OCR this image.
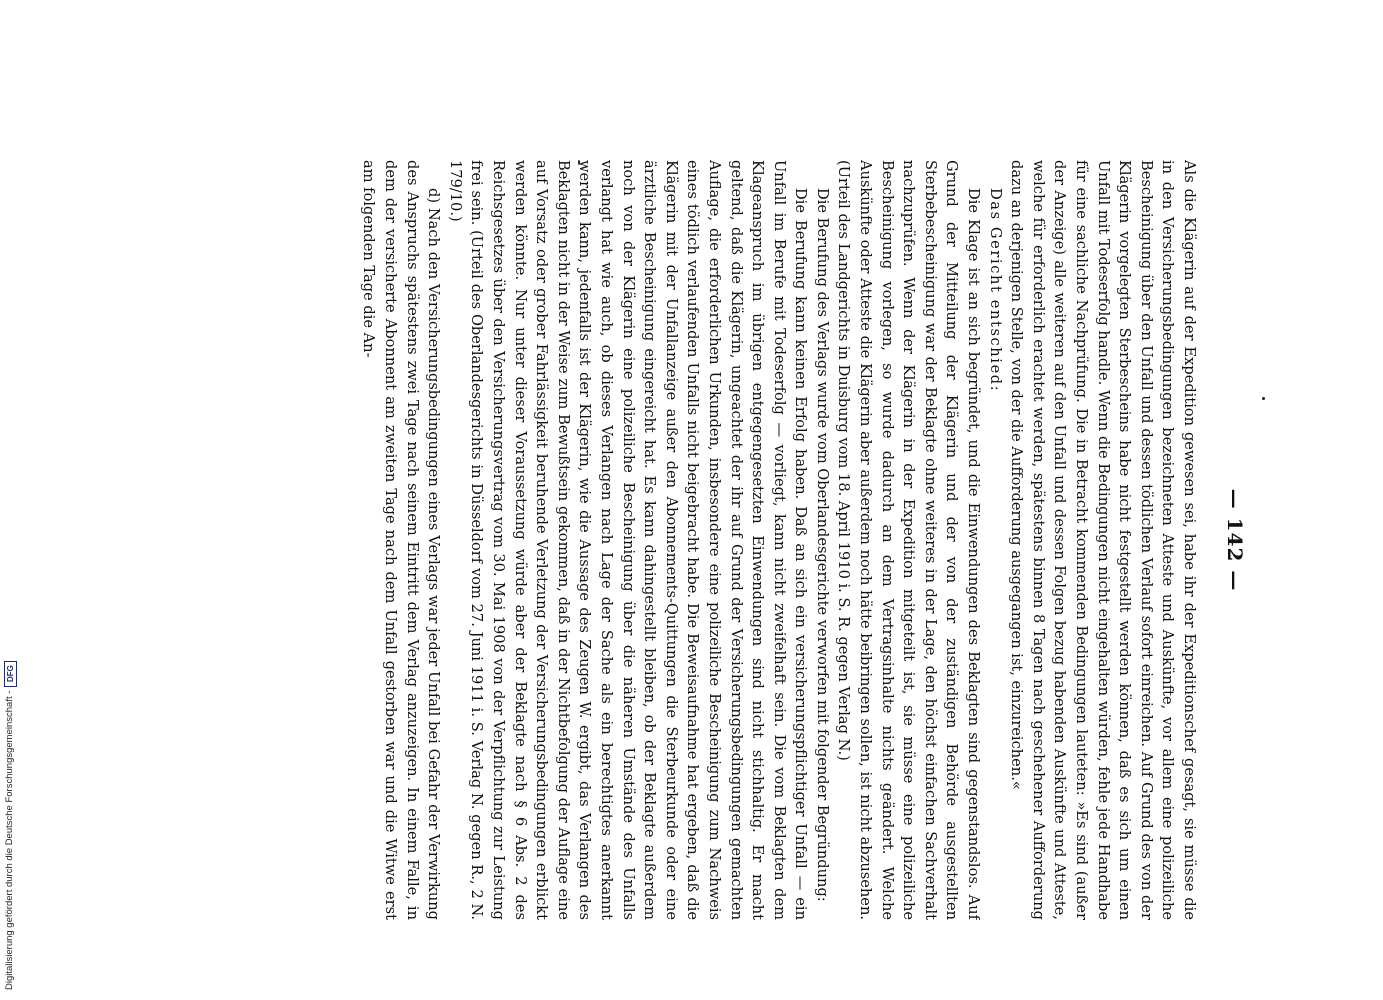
— 142 —

Als die Klägerin auf der Expedition gewesen sei, habe ihr der Expeditionschef gesagt, sie müsse die in den Versicherungsbedingungen bezeichneten Atteste und Auskünfte, vor allem eine polizeiliche Bescheinigung über den Unfall und dessen tödlichen Verlauf sofort einreichen. Auf Grund des von der Klägerin vorgelegten Sterbescheins habe nicht festgestellt werden können, daß es sich um einen Unfall mit Todeserfolg handle. Wenn die Bedingungen nicht eingehalten würden, fehle jede Handhabe für eine sachliche Nachprüfung. Die in Betracht kommenden Bedingungen lauteten: »Es sind (außer der Anzeige) alle weiteren auf den Unfall und dessen Folgen bezug habenden Auskünfte und Atteste, welche für erforderlich erachtet werden, spätestens binnen 8 Tagen nach geschehener Aufforderung dazu an derjenigen Stelle, von der die Aufforderung ausgegangen ist, einzureichen.«

Das Gericht entschied:

Die Klage ist an sich begründet, und die Einwendungen des Beklagten sind gegenstandslos. Auf Grund der Mitteilung der Klägerin und der von der zuständigen Behörde ausgestellten Sterbebescheinigung war der Beklagte ohne weiteres in der Lage, den höchst einfachen Sachverhalt nachzuprüfen. Wenn der Klägerin in der Expedition mitgeteilt ist, sie müsse eine polizeiliche Bescheinigung vorlegen, so wurde dadurch an dem Vertragsinhalte nichts geändert. Welche Auskünfte oder Atteste die Klägerin aber außerdem noch hätte beibringen sollen, ist nicht abzusehen. (Urteil des Landgerichts in Duisburg vom 18. April 1910 i. S. R. gegen Verlag N.)

Die Berufung des Verlags wurde vom Oberlandesgerichte verworfen mit folgender Begründung:

Die Berufung kann keinen Erfolg haben. Daß an sich ein versicherungspflichtiger Unfall — ein Unfall im Berufe mit Todeserfolg — vorliegt, kann nicht zweifelhaft sein. Die vom Beklagten dem Klageanspruch im übrigen entgegengesetzten Einwendungen sind nicht stichhaltig. Er macht geltend, daß die Klägerin, ungeachtet der ihr auf Grund der Versicherungsbedingungen gemachten Auflage, die erforderlichen Urkunden, insbesondere eine polizeiliche Bescheinigung zum Nachweis eines tödlich verlaufenden Unfalls nicht beigebracht habe. Die Beweisaufnahme hat ergeben, daß die Klägerin mit der Unfallanzeige außer den Abonnements-Quittungen die Sterbeurkunde oder eine ärztliche Bescheinigung eingereicht hat. Es kann dahingestellt bleiben, ob der Beklagte außerdem noch von der Klägerin eine polizeiliche Bescheinigung über die näheren Umstände des Unfalls verlangt hat wie auch, ob dieses Verlangen nach Lage der Sache als ein berechtigtes anerkannt werden kann, jedenfalls ist der Klägerin, wie die Aussage des Zeugen W. ergibt, das Verlangen des Beklagten nicht in der Weise zum Bewußtsein gekommen, daß in der Nichtbefolgung der Auflage eine auf Vorsatz oder grober Fahrlässigkeit beruhende Verletzung der Versicherungsbedingungen erblickt werden könnte. Nur unter dieser Voraussetzung würde aber der Beklagte nach § 6 Abs. 2 des Reichsgesetzes über den Versicherungsvertrag vom 30. Mai 1908 von der Verpflichtung zur Leistung frei sein. (Urteil des Oberlandesgerichts in Düsseldorf vom 27. Juni 1911 i. S. Verlag N. gegen R., 2 N. 179/10.)

d) Nach den Versicherungsbedingungen eines Verlags war jeder Unfall bei Gefahr der Verwirkung des Anspruchs spätestens zwei Tage nach seinem Eintritt dem Verlag anzuzeigen. In einem Falle, in dem der versicherte Abonnent am zweiten Tage nach dem Unfall gestorben war und die Witwe erst am folgenden Tage die An-

Digitalisierung gefördert durch die Deutsche Forschungsgemeinschaft -
DFG
